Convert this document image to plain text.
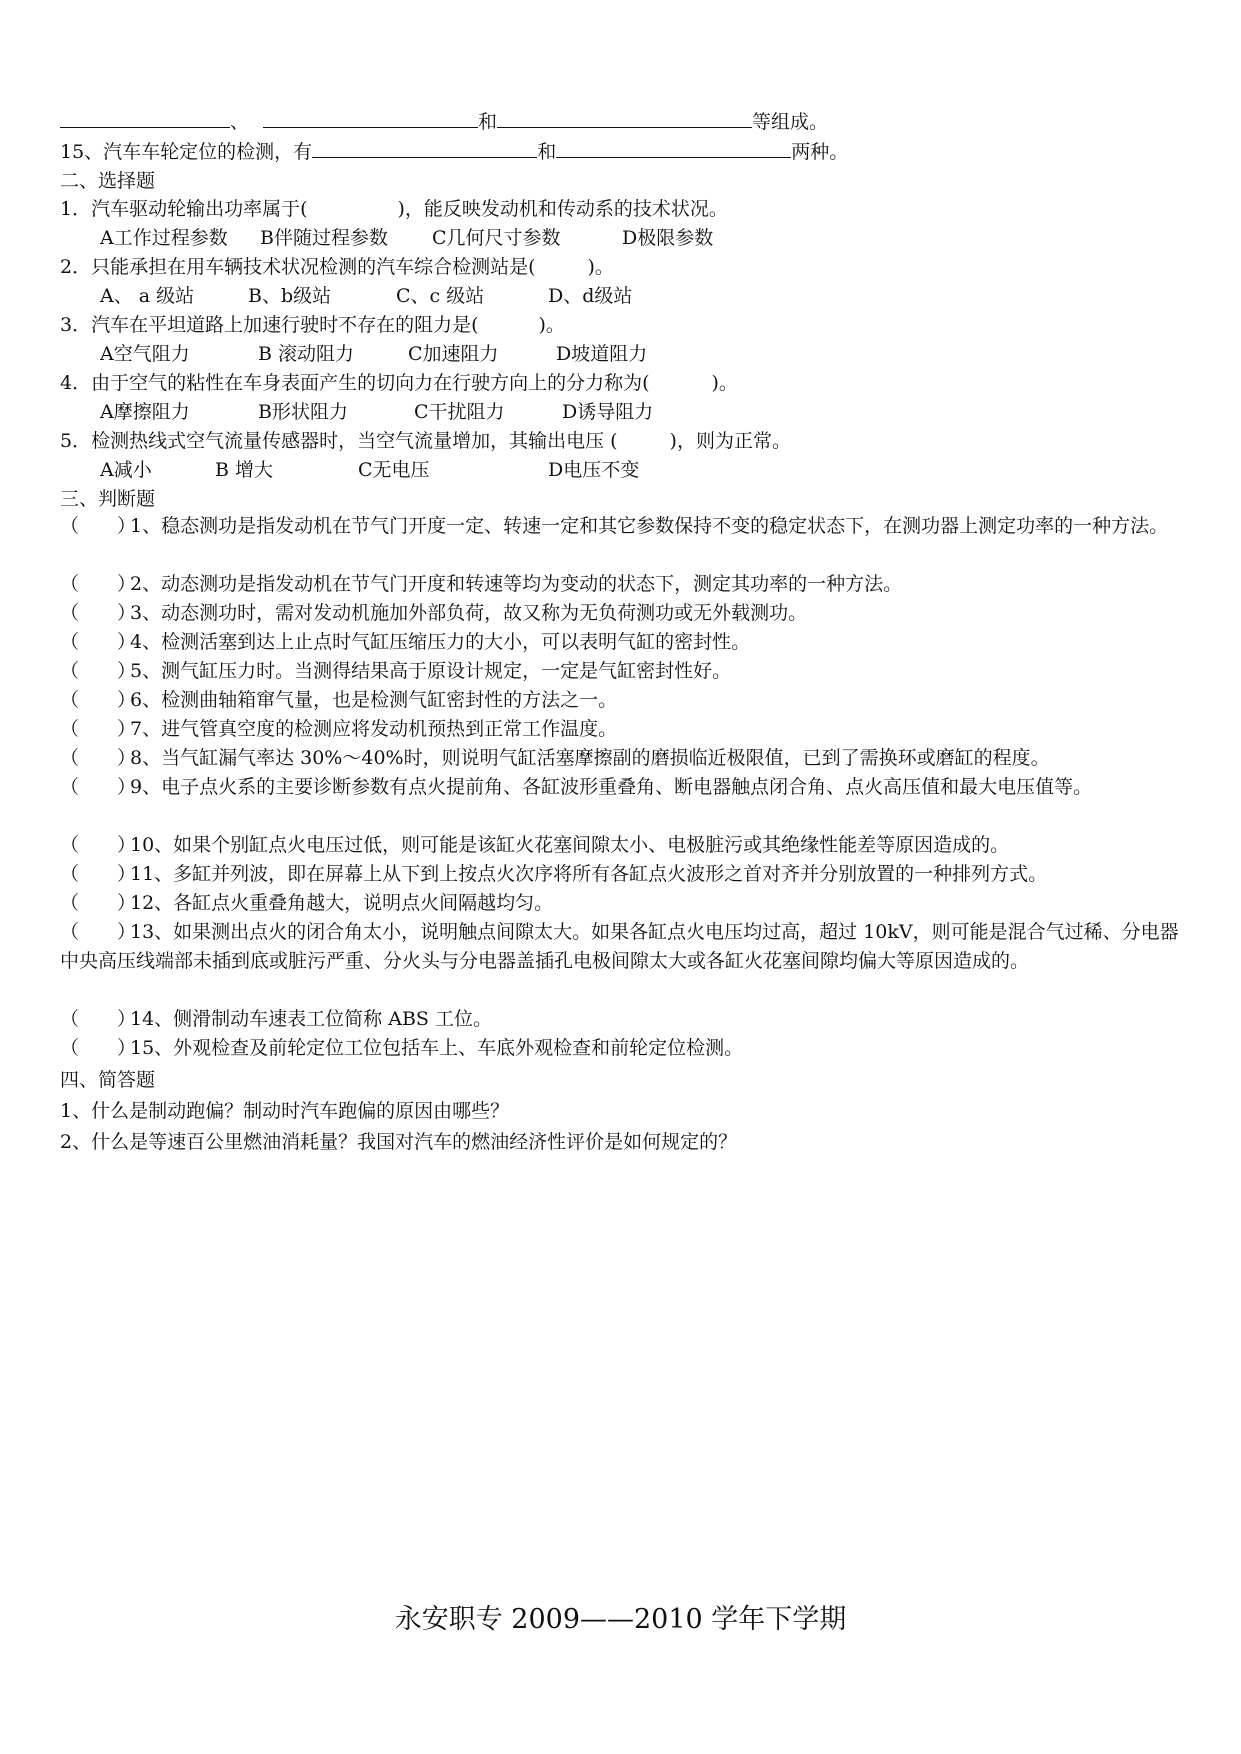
、	和	等组成。
15、汽车车轮定位的检测，有	和	两种。
二、选择题
1．汽车驱动轮输出功率属于(	)，能反映发动机和传动系的技术状况。
A工作过程参数 B伴随过程参数 C几何尺寸参数	D极限参数
2．只能承担在用车辆技术状况检测的汽车综合检测站是(	)。
A、 a 级站	B、b级站	C、c 级站	D、d级站
3．汽车在平坦道路上加速行驶时不存在的阻力是(	)。
A空气阻力	B 滚动阻力	C加速阻力	D坡道阻力
4．由于空气的粘性在车身表面产生的切向力在行驶方向上的分力称为(	)。
A摩擦阻力	B形状阻力	C干扰阻力	D诱导阻力
5．检测热线式空气流量传感器时，当空气流量增加，其输出电压 (	)，则为正常。
A减小	B 增大	C无电压	D电压不变
三、判断题
（　　）1、稳态测功是指发动机在节气门开度一定、转速一定和其它参数保持不变的稳定状态下，在测功器上测定功率的一种方法。
（　　）2、动态测功是指发动机在节气门开度和转速等均为变动的状态下，测定其功率的一种方法。
（　　）3、动态测功时，需对发动机施加外部负荷，故又称为无负荷测功或无外载测功。
（　　）4、检测活塞到达上止点时气缸压缩压力的大小，可以表明气缸的密封性。
（　　）5、测气缸压力时。当测得结果高于原设计规定，一定是气缸密封性好。
（　　）6、检测曲轴箱窜气量，也是检测气缸密封性的方法之一。
（　　）7、进气管真空度的检测应将发动机预热到正常工作温度。
（　　）8、当气缸漏气率达 30%～40%时，则说明气缸活塞摩擦副的磨损临近极限值，已到了需换环或磨缸的程度。
（　　）9、电子点火系的主要诊断参数有点火提前角、各缸波形重叠角、断电器触点闭合角、点火高压值和最大电压值等。
（　　）10、如果个别缸点火电压过低，则可能是该缸火花塞间隙太小、电极脏污或其绝缘性能差等原因造成的。
（　　）11、多缸并列波，即在屏幕上从下到上按点火次序将所有各缸点火波形之首对齐并分别放置的一种排列方式。
（　　）12、各缸点火重叠角越大，说明点火间隔越均匀。
（　　）13、如果测出点火的闭合角太小，说明触点间隙太大。如果各缸点火电压均过高，超过 10kV，则可能是混合气过稀、分电器中央高压线端部未插到底或脏污严重、分火头与分电器盖插孔电极间隙太大或各缸火花塞间隙均偏大等原因造成的。
（　　）14、侧滑制动车速表工位简称 ABS 工位。
（　　）15、外观检查及前轮定位工位包括车上、车底外观检查和前轮定位检测。
四、简答题
1、什么是制动跑偏？制动时汽车跑偏的原因由哪些？
2、什么是等速百公里燃油消耗量？我国对汽车的燃油经济性评价是如何规定的？
永安职专 2009——2010 学年下学期
